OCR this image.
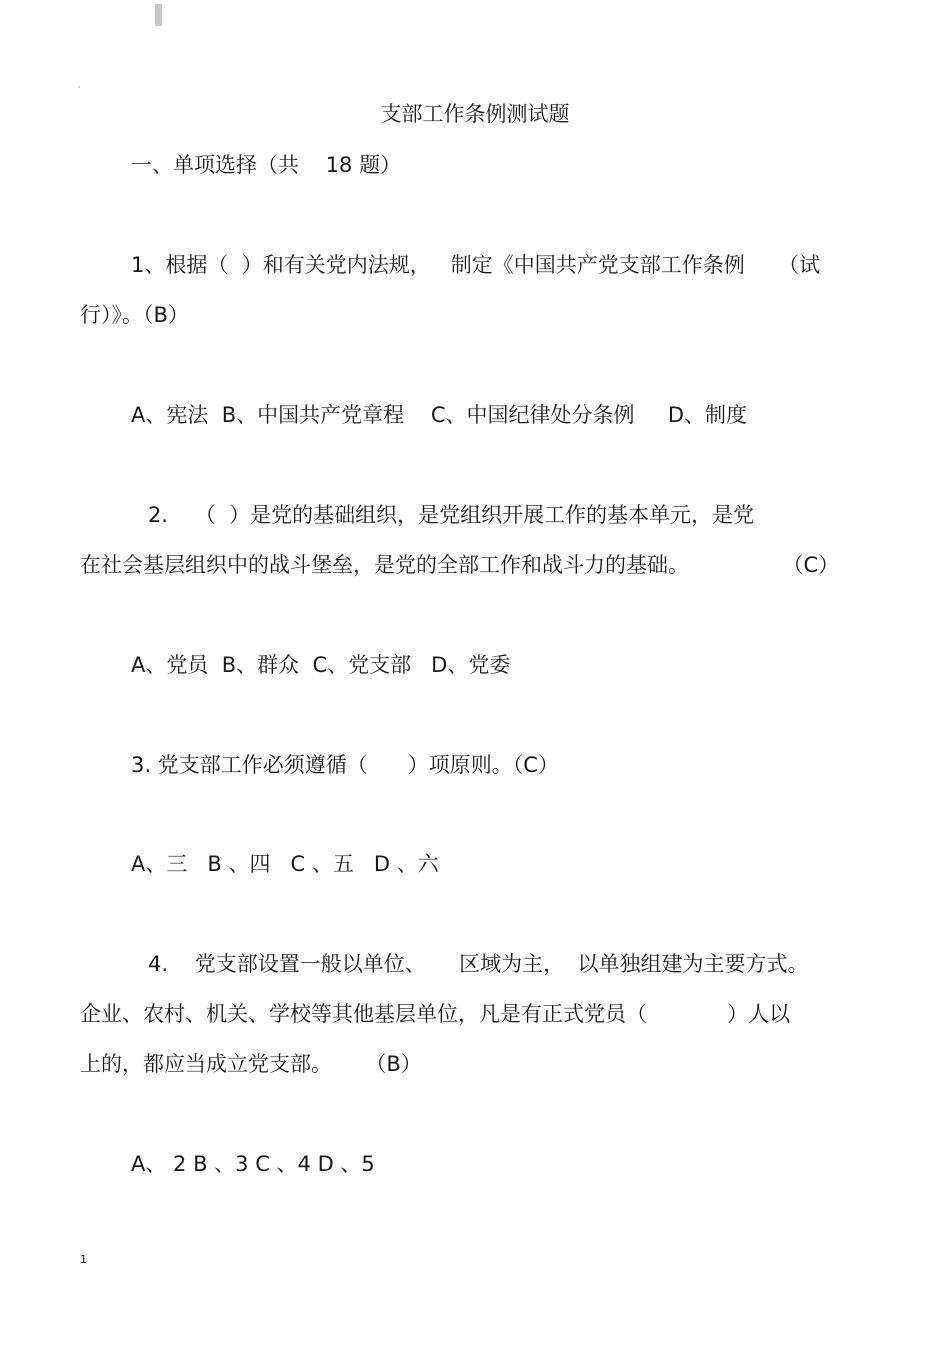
支部工作条例测试题

一、单项选择（共    18 题）

1、根据（  ）和有关党内法规，   制定《中国共产党支部工作条例     （试

行）》。（B）

A、宪法  B、中国共产党章程    C、中国纪律处分条例     D、制度

2.    （  ）是党的基础组织，是党组织开展工作的基本单元，是党

在社会基层组织中的战斗堡垒，是党的全部工作和战斗力的基础。              （C）

A、党员  B、群众  C、党支部   D、党委

3. 党支部工作必须遵循（      ）项原则。（C）

A、三   B 、四   C 、五   D 、六

4.    党支部设置一般以单位、     区域为主，  以单独组建为主要方式。

企业、农村、机关、学校等其他基层单位，凡是有正式党员（            ）人以

上的，都应当成立党支部。     （B）

A、 2 B 、3 C 、4 D 、5

1
